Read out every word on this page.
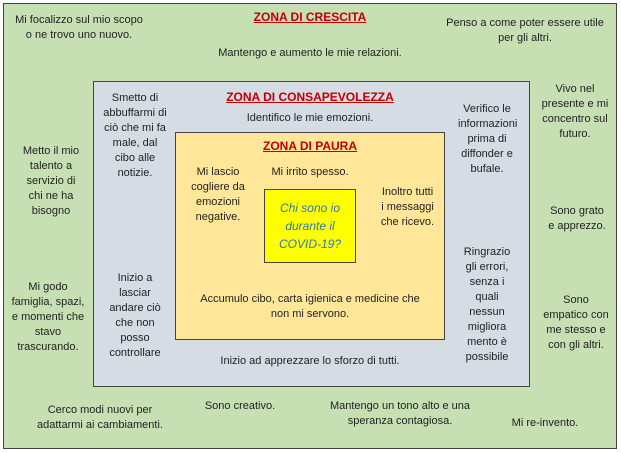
ZONA DI CRESCITA
ZONA DI CONSAPEVOLEZZA
ZONA DI PAURA
Mi focalizzo sul mio scopo o ne trovo uno nuovo.
Mantengo e aumento le mie relazioni.
Penso a come poter essere utile per gli altri.
Metto il mio talento a servizio di chi ne ha bisogno
Vivo nel presente e mi concentro sul futuro.
Sono grato e apprezzo.
Mi godo famiglia, spazi, e momenti che stavo trascurando.
Sono empatico con me stesso e con gli altri.
Cerco modi nuovi per adattarmi ai cambiamenti.
Sono creativo.	Mantengo un tono alto e una speranza contagiosa.	Mi re-invento.
Identifico le mie emozioni.
Smetto di abbuffarmi di ciò che mi fa male, dal cibo alle notizie.
Verifico le informazioni prima di diffonder e bufale.
Inizio a lasciar andare ciò che non posso controllare
Ringrazio gli errori, senza i quali nessun migliora mento è possibile
Inizio ad apprezzare lo sforzo di tutti.
Mi lascio cogliere da emozioni negative.
Mi irrito spesso.
Inoltro tutti i messaggi che ricevo.
Accumulo cibo, carta igienica e medicine che non mi servono.
Chi sono io durante il COVID-19?
